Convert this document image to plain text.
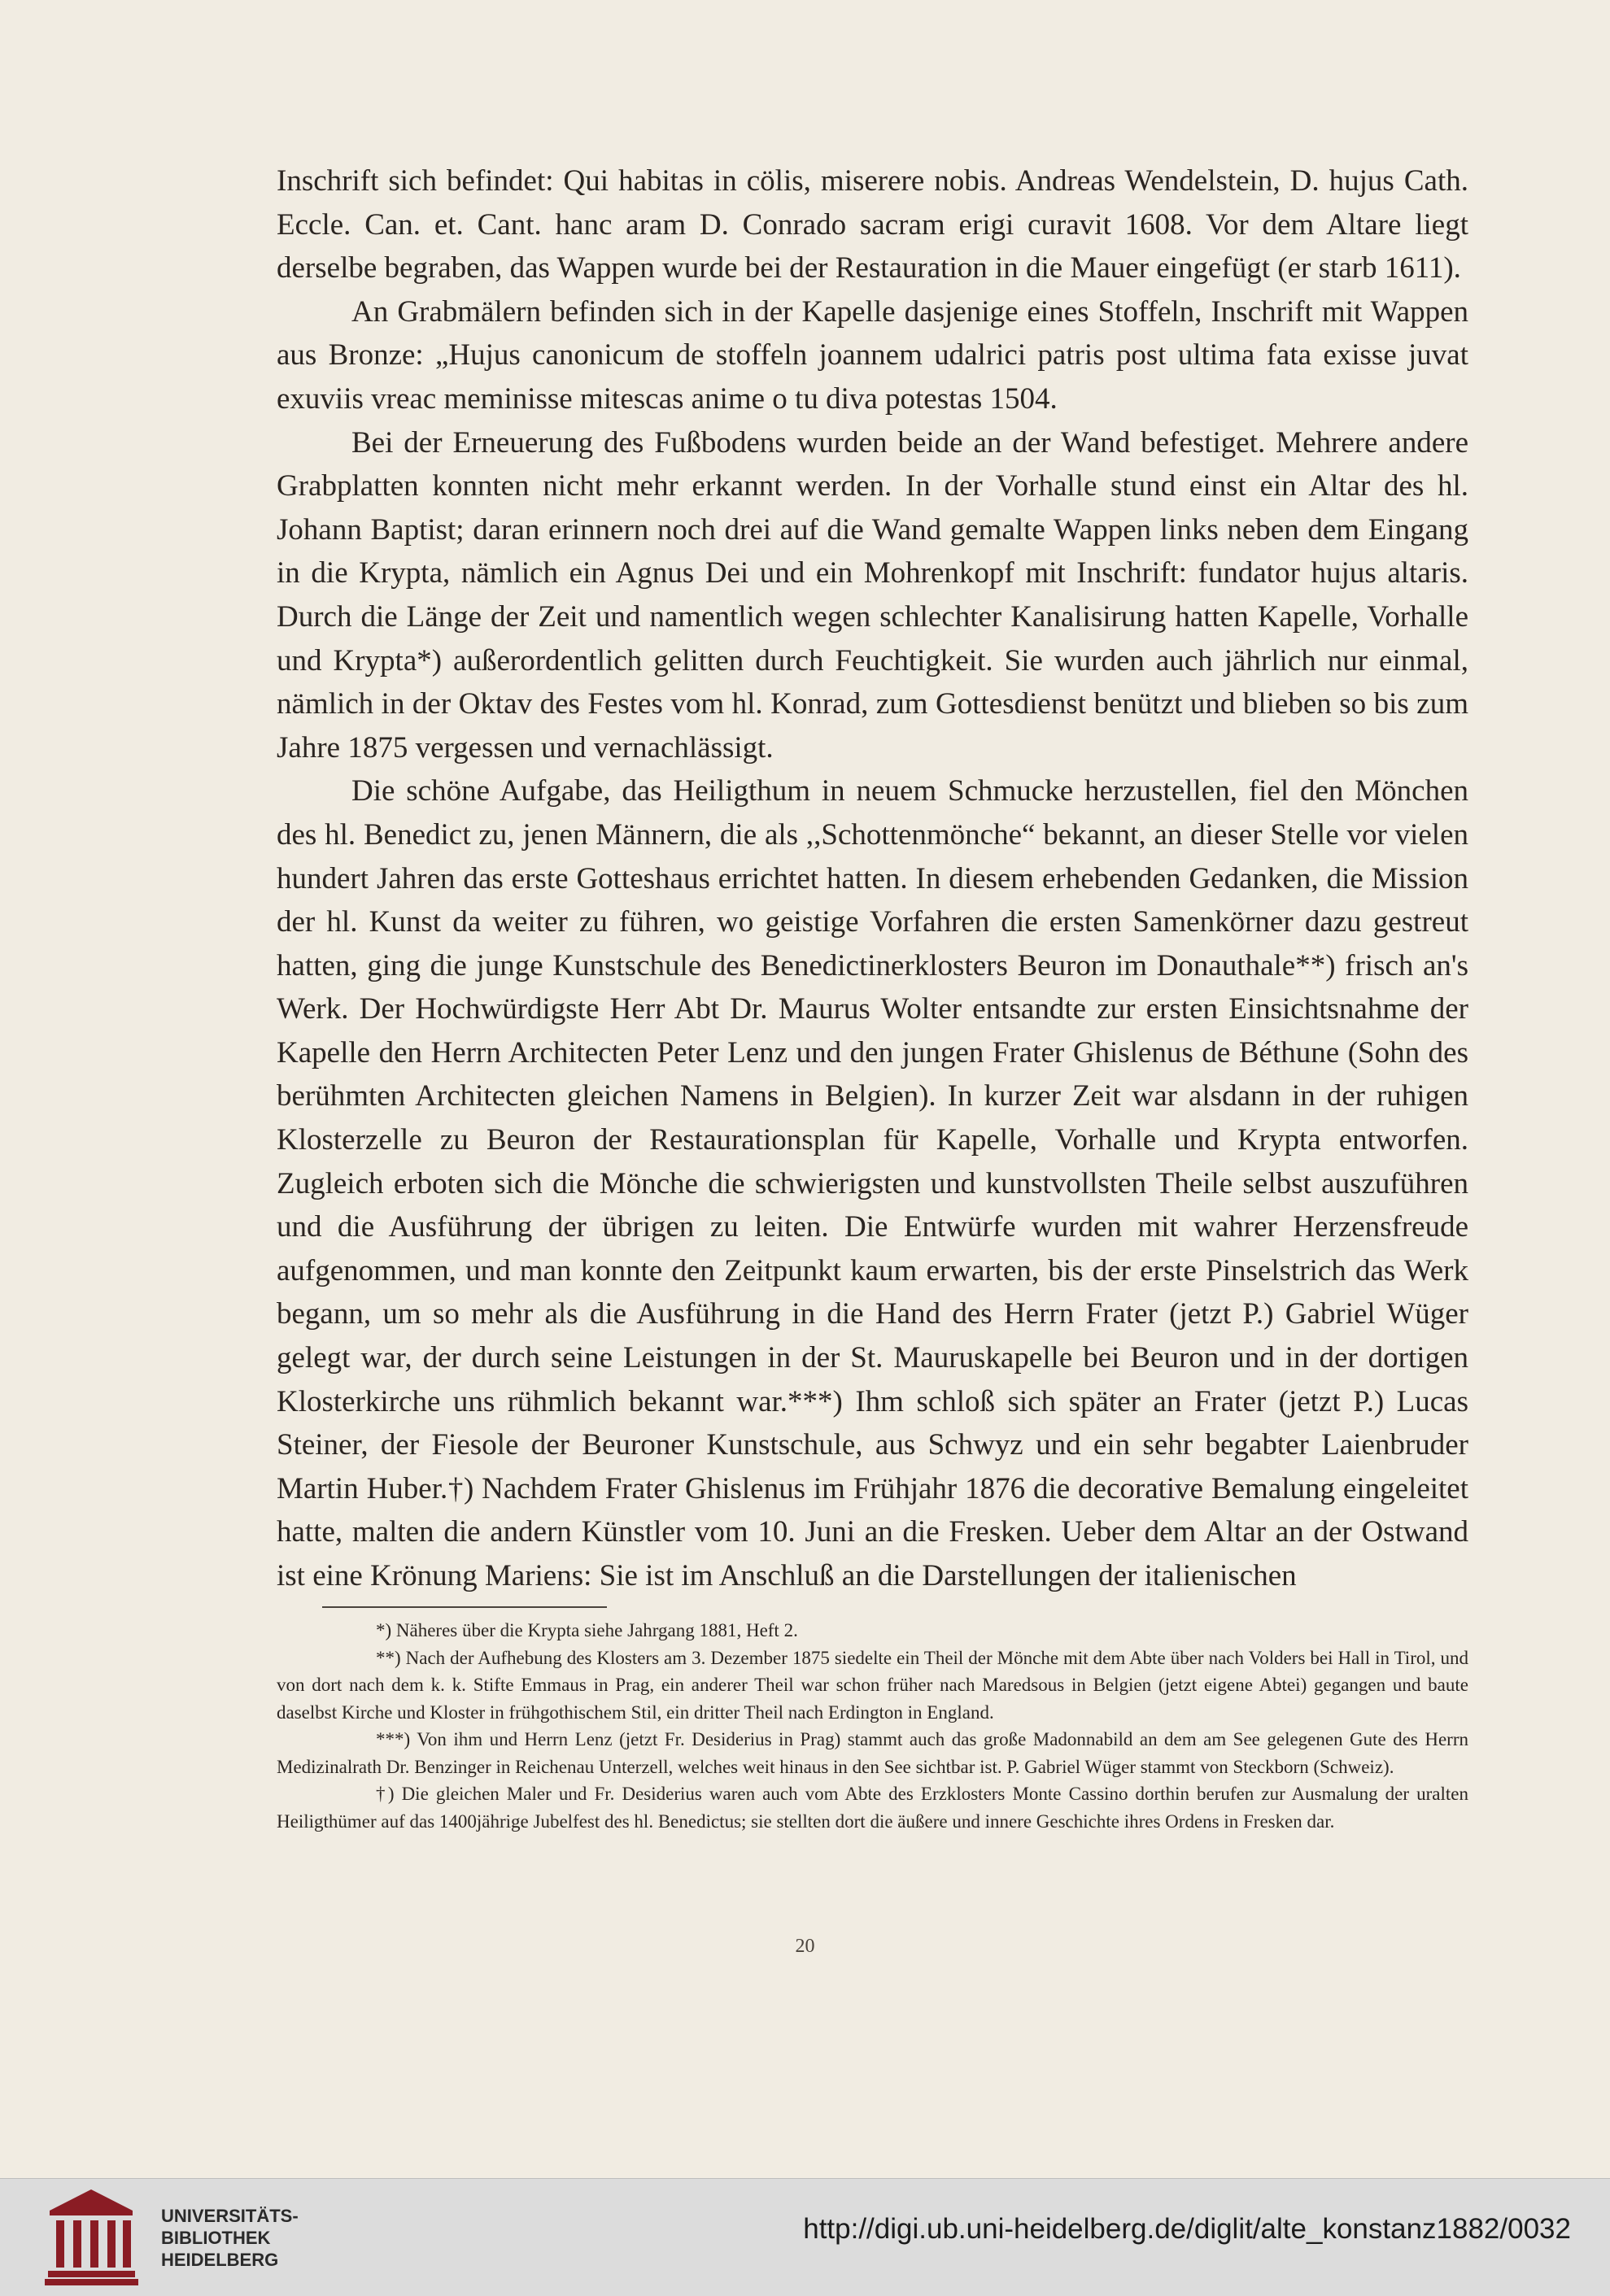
Inschrift sich befindet: Qui habitas in cölis, miserere nobis. Andreas Wendelstein, D. hujus Cath. Eccle. Can. et. Cant. hanc aram D. Conrado sacram erigi curavit 1608. Vor dem Altare liegt derselbe begraben, das Wappen wurde bei der Restauration in die Mauer eingefügt (er starb 1611).

An Grabmälern befinden sich in der Kapelle dasjenige eines Stoffeln, Inschrift mit Wappen aus Bronze: „Hujus canonicum de stoffeln joannem udalrici patris post ultima fata exisse juvat exuviis vreac meminisse mitescas anime o tu diva potestas 1504.

Bei der Erneuerung des Fußbodens wurden beide an der Wand befestiget. Mehrere andere Grabplatten konnten nicht mehr erkannt werden. In der Vorhalle stund einst ein Altar des hl. Johann Baptist; daran erinnern noch drei auf die Wand gemalte Wappen links neben dem Eingang in die Krypta, nämlich ein Agnus Dei und ein Mohrenkopf mit Inschrift: fundator hujus altaris. Durch die Länge der Zeit und namentlich wegen schlechter Kanalisirung hatten Kapelle, Vorhalle und Krypta*) außerordentlich gelitten durch Feuchtigkeit. Sie wurden auch jährlich nur einmal, nämlich in der Oktav des Festes vom hl. Konrad, zum Gottesdienst benützt und blieben so bis zum Jahre 1875 vergessen und vernachlässigt.

Die schöne Aufgabe, das Heiligthum in neuem Schmucke herzustellen, fiel den Mönchen des hl. Benedict zu, jenen Männern, die als ,,Schottenmönche“ bekannt, an dieser Stelle vor vielen hundert Jahren das erste Gotteshaus errichtet hatten. In diesem erhebenden Gedanken, die Mission der hl. Kunst da weiter zu führen, wo geistige Vorfahren die ersten Samenkörner dazu gestreut hatten, ging die junge Kunstschule des Benedictinerklosters Beuron im Donauthale**) frisch an's Werk. Der Hochwürdigste Herr Abt Dr. Maurus Wolter entsandte zur ersten Einsichtsnahme der Kapelle den Herrn Architecten Peter Lenz und den jungen Frater Ghislenus de Béthune (Sohn des berühmten Architecten gleichen Namens in Belgien). In kurzer Zeit war alsdann in der ruhigen Klosterzelle zu Beuron der Restaurationsplan für Kapelle, Vorhalle und Krypta entworfen. Zugleich erboten sich die Mönche die schwierigsten und kunstvollsten Theile selbst auszuführen und die Ausführung der übrigen zu leiten. Die Entwürfe wurden mit wahrer Herzensfreude aufgenommen, und man konnte den Zeitpunkt kaum erwarten, bis der erste Pinselstrich das Werk begann, um so mehr als die Ausführung in die Hand des Herrn Frater (jetzt P.) Gabriel Wüger gelegt war, der durch seine Leistungen in der St. Mauruskapelle bei Beuron und in der dortigen Klosterkirche uns rühmlich bekannt war.***) Ihm schloß sich später an Frater (jetzt P.) Lucas Steiner, der Fiesole der Beuroner Kunstschule, aus Schwyz und ein sehr begabter Laienbruder Martin Huber.†) Nachdem Frater Ghislenus im Frühjahr 1876 die decorative Bemalung eingeleitet hatte, malten die andern Künstler vom 10. Juni an die Fresken. Ueber dem Altar an der Ostwand ist eine Krönung Mariens: Sie ist im Anschluß an die Darstellungen der italienischen

*) Näheres über die Krypta siehe Jahrgang 1881, Heft 2.

**) Nach der Aufhebung des Klosters am 3. Dezember 1875 siedelte ein Theil der Mönche mit dem Abte über nach Volders bei Hall in Tirol, und von dort nach dem k. k. Stifte Emmaus in Prag, ein anderer Theil war schon früher nach Maredsous in Belgien (jetzt eigene Abtei) gegangen und baute daselbst Kirche und Kloster in frühgothischem Stil, ein dritter Theil nach Erdington in England.

***) Von ihm und Herrn Lenz (jetzt Fr. Desiderius in Prag) stammt auch das große Madonnabild an dem am See gelegenen Gute des Herrn Medizinalrath Dr. Benzinger in Reichenau Unterzell, welches weit hinaus in den See sichtbar ist. P. Gabriel Wüger stammt von Steckborn (Schweiz).

†) Die gleichen Maler und Fr. Desiderius waren auch vom Abte des Erzklosters Monte Cassino dorthin berufen zur Ausmalung der uralten Heiligthümer auf das 1400jährige Jubelfest des hl. Benedictus; sie stellten dort die äußere und innere Geschichte ihres Ordens in Fresken dar.

20
UNIVERSITÄTS-
BIBLIOTHEK
HEIDELBERG
http://digi.ub.uni-heidelberg.de/diglit/alte_konstanz1882/0032
